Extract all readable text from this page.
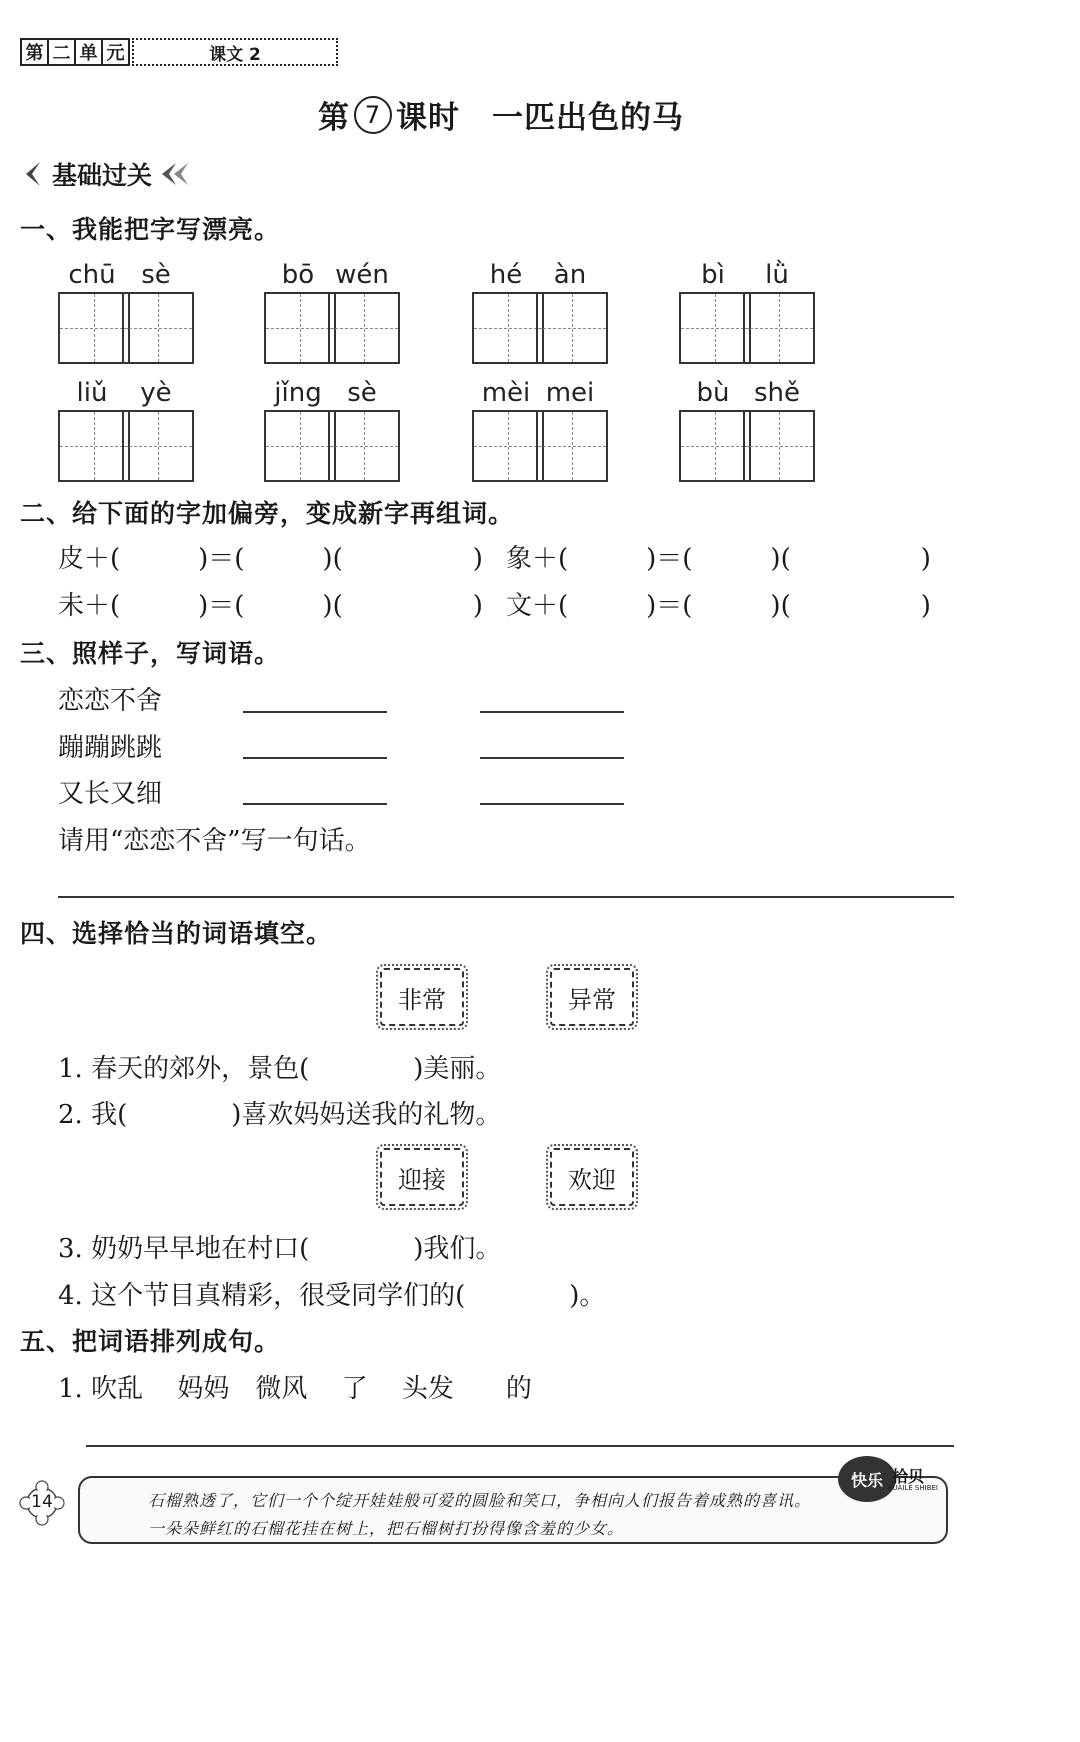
第 二 单 元	课文 2
第 7 课时　一匹出色的马
基础过关
一、我能把字写漂亮。
chū sè	bō wén	hé	àn	bì	lǜ
liǔ	yè	jǐng sè	mèi mei	bù shě
二、给下面的字加偏旁，变成新字再组词。
皮＋(　　　)＝(　　　)(　　　　　) 象＋(　　　)＝(　　　)(　　　　　)
未＋(　　　)＝(　　　)(　　　　　) 文＋(　　　)＝(　　　)(　　　　　)
三、照样子，写词语。
恋恋不舍
蹦蹦跳跳
又长又细
请用“恋恋不舍”写一句话。
四、选择恰当的词语填空。
非常	异常
1. 春天的郊外，景色(　　　　)美丽。
2. 我(　　　　)喜欢妈妈送我的礼物。
迎接	欢迎
3. 奶奶早早地在村口(　　　　)我们。
4. 这个节目真精彩，很受同学们的(　　　　)。
五、把词语排列成句。
1. 吹乱　 妈妈　微风　 了　 头发　　的
14	石榴熟透了，它们一个个绽开娃娃般可爱的圆脸和笑口，争相向人们报告着成熟的喜讯。
一朵朵鲜红的石榴花挂在树上，把石榴树打扮得像含羞的少女。
快乐 拾贝
KUAILE SHIBEI
